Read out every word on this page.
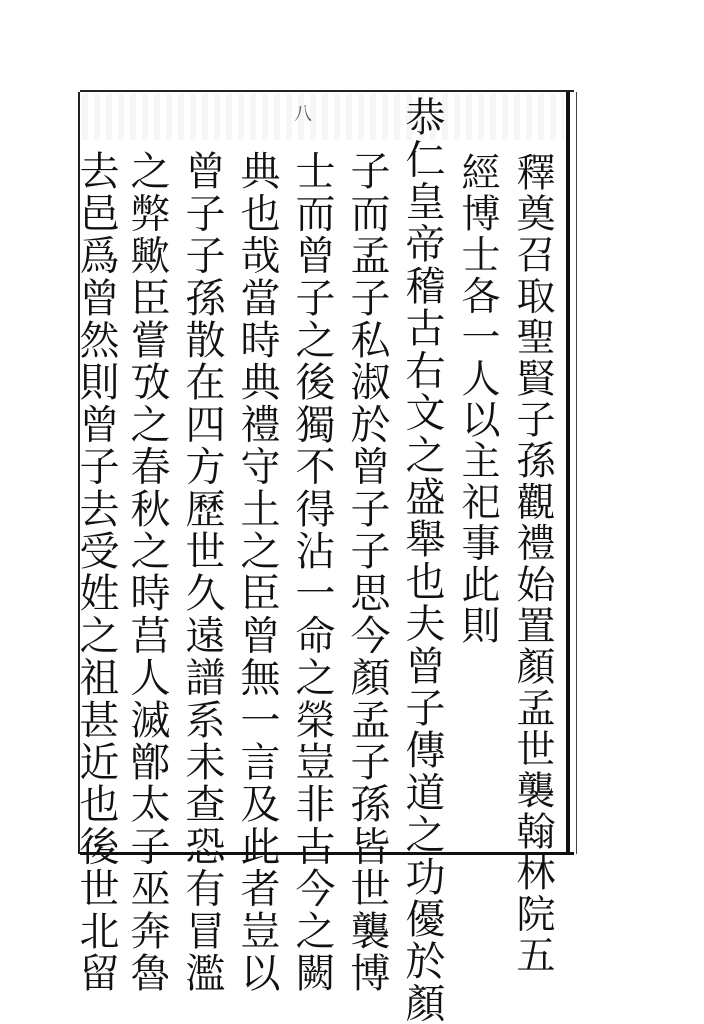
八
釋奠召取聖賢子孫觀禮始置顏孟世襲翰林院五
經博士各一人以主祀事此則
恭仁皇帝稽古右文之盛舉也夫曾子傳道之功優於顏
子而孟子私淑於曾子子思今顏孟子孫皆世襲博
士而曾子之後獨不得沾一命之榮豈非古今之闕
典也哉當時典禮守土之臣曾無一言及此者豈以
曾子子孫散在四方歷世久遠譜系未查恐有冒濫
之弊歟臣嘗攷之春秋之時莒人滅鄫太子巫奔魯
去邑爲曾然則曾子去受姓之祖甚近也後世北留
